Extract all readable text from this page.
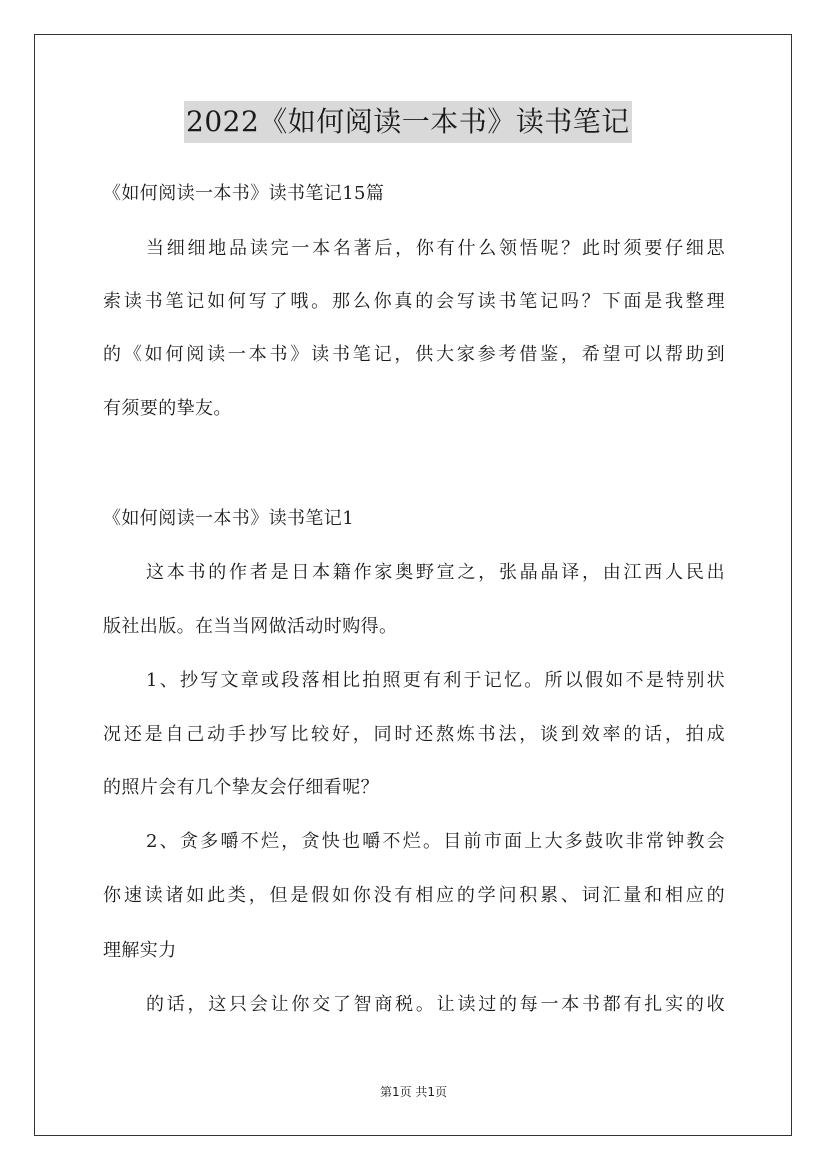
2022《如何阅读一本书》读书笔记
《如何阅读一本书》读书笔记15篇
当细细地品读完一本名著后，你有什么领悟呢？此时须要仔细思
索读书笔记如何写了哦。那么你真的会写读书笔记吗？下面是我整理
的《如何阅读一本书》读书笔记，供大家参考借鉴，希望可以帮助到
有须要的挚友。
《如何阅读一本书》读书笔记1
这本书的作者是日本籍作家奥野宣之，张晶晶译，由江西人民出
版社出版。在当当网做活动时购得。
1、抄写文章或段落相比拍照更有利于记忆。所以假如不是特别状
况还是自己动手抄写比较好，同时还熬炼书法，谈到效率的话，拍成
的照片会有几个挚友会仔细看呢？
2、贪多嚼不烂，贪快也嚼不烂。目前市面上大多鼓吹非常钟教会
你速读诸如此类，但是假如你没有相应的学问积累、词汇量和相应的
理解实力
的话，这只会让你交了智商税。让读过的每一本书都有扎实的收
第1页 共1页
